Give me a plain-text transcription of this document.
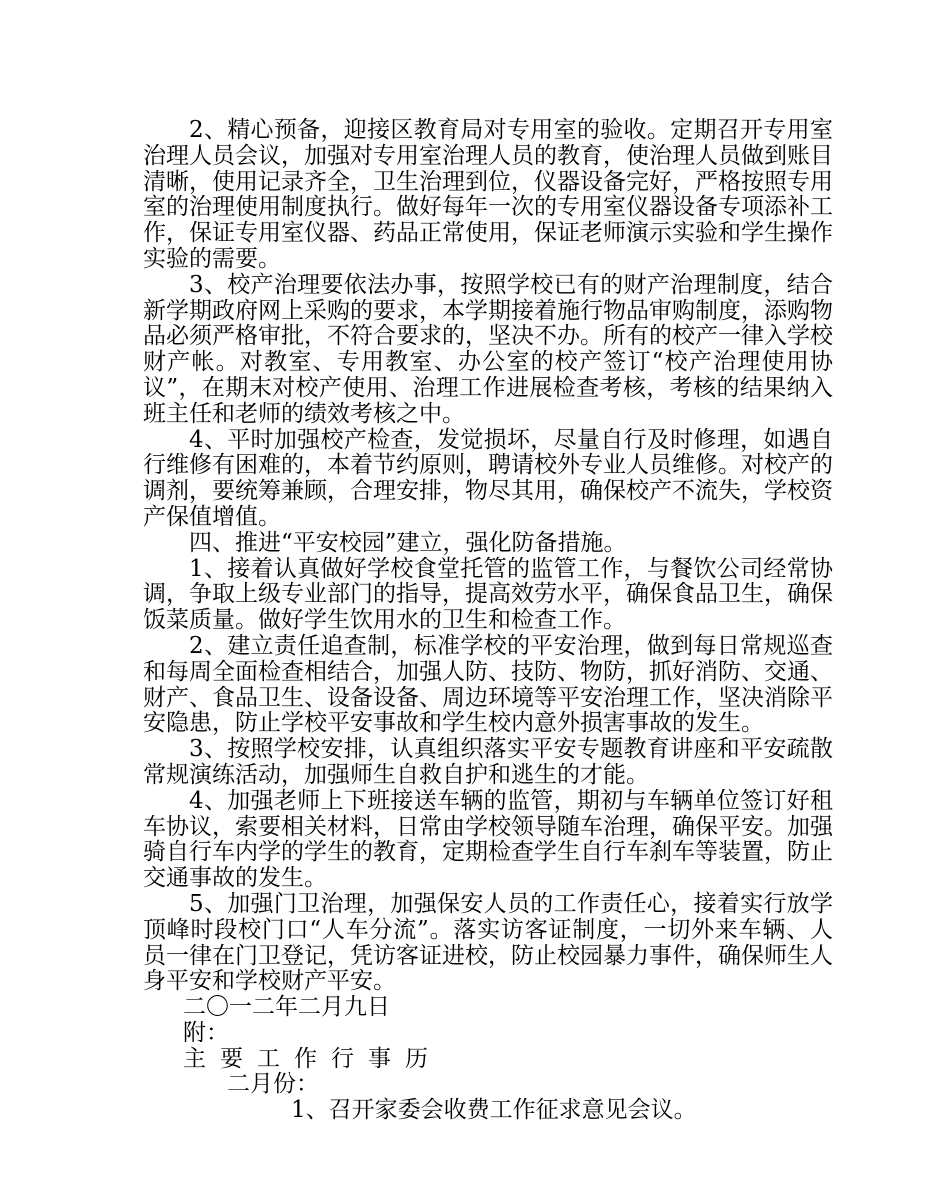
2、精心预备，迎接区教育局对专用室的验收。定期召开专用室治理人员会议，加强对专用室治理人员的教育，使治理人员做到账目清晰，使用记录齐全，卫生治理到位，仪器设备完好，严格按照专用室的治理使用制度执行。做好每年一次的专用室仪器设备专项添补工作，保证专用室仪器、药品正常使用，保证老师演示实验和学生操作实验的需要。

3、校产治理要依法办事，按照学校已有的财产治理制度，结合新学期政府网上采购的要求，本学期接着施行物品审购制度，添购物品必须严格审批，不符合要求的，坚决不办。所有的校产一律入学校财产帐。对教室、专用教室、办公室的校产签订“校产治理使用协议”，在期末对校产使用、治理工作进展检查考核，考核的结果纳入班主任和老师的绩效考核之中。

4、平时加强校产检查，发觉损坏，尽量自行及时修理，如遇自行维修有困难的，本着节约原则，聘请校外专业人员维修。对校产的调剂，要统筹兼顾，合理安排，物尽其用，确保校产不流失，学校资产保值增值。

四、推进“平安校园”建立，强化防备措施。

1、接着认真做好学校食堂托管的监管工作，与餐饮公司经常协调，争取上级专业部门的指导，提高效劳水平，确保食品卫生，确保饭菜质量。做好学生饮用水的卫生和检查工作。

2、建立责任追查制，标准学校的平安治理，做到每日常规巡查和每周全面检查相结合，加强人防、技防、物防，抓好消防、交通、财产、食品卫生、设备设备、周边环境等平安治理工作，坚决消除平安隐患，防止学校平安事故和学生校内意外损害事故的发生。

3、按照学校安排，认真组织落实平安专题教育讲座和平安疏散常规演练活动，加强师生自救自护和逃生的才能。

4、加强老师上下班接送车辆的监管，期初与车辆单位签订好租车协议，索要相关材料，日常由学校领导随车治理，确保平安。加强骑自行车内学的学生的教育，定期检查学生自行车刹车等装置，防止交通事故的发生。

5、加强门卫治理，加强保安人员的工作责任心，接着实行放学顶峰时段校门口“人车分流”。落实访客证制度，一切外来车辆、人员一律在门卫登记，凭访客证进校，防止校园暴力事件，确保师生人身平安和学校财产平安。

二〇一二年二月九日

附：

主要工作行事历

二月份：

1、召开家委会收费工作征求意见会议。
